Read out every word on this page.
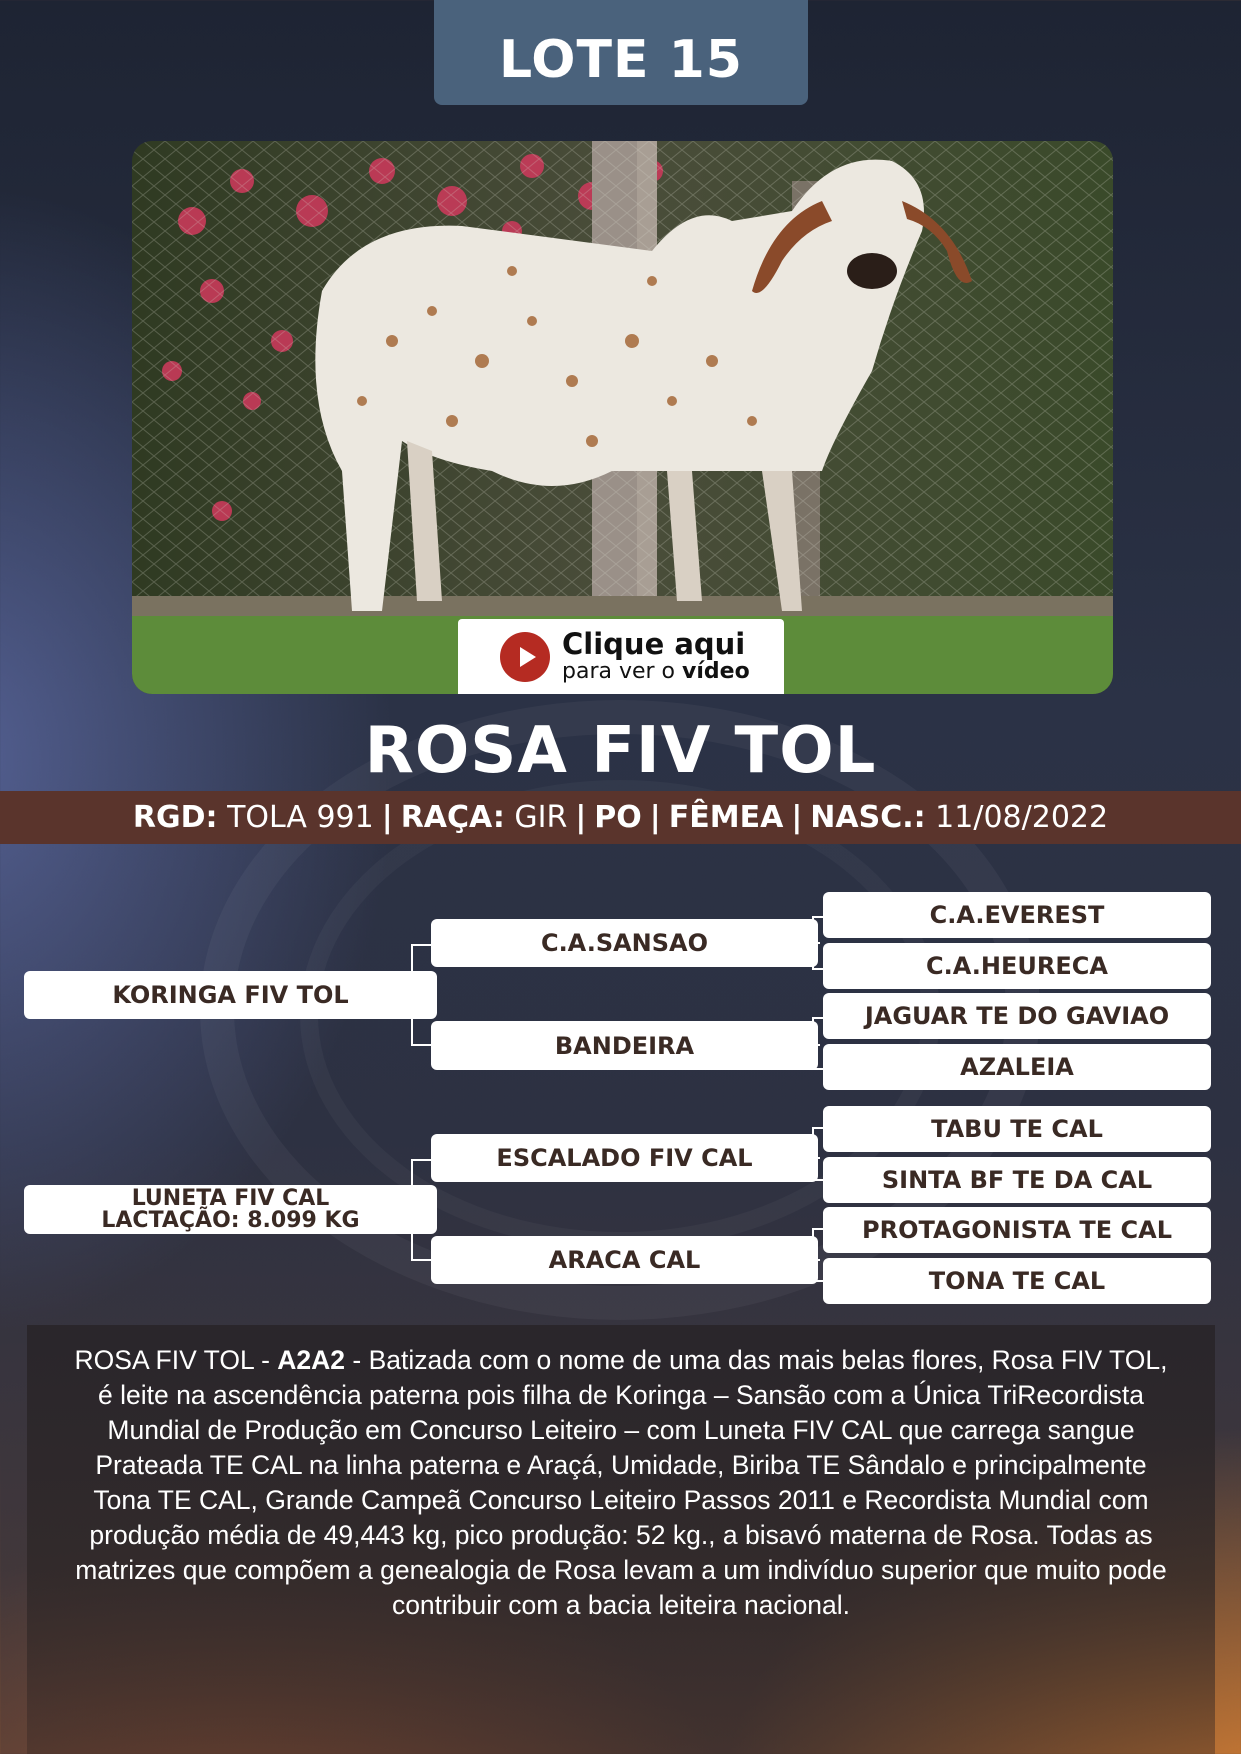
LOTE 15
Clique aqui
para ver o vídeo
ROSA FIV TOL
RGD:
TOLA 991 | RAÇA:
GIR | PO | FÊMEA | NASC.:
11/08/2022
KORINGA FIV TOL
LUNETA FIV CAL
LACTAÇÃO: 8.099 KG
C.A.SANSAO
BANDEIRA
ESCALADO FIV CAL
ARACA CAL
C.A.EVEREST
C.A.HEURECA
JAGUAR TE DO GAVIAO
AZALEIA
TABU TE CAL
SINTA BF TE DA CAL
PROTAGONISTA TE CAL
TONA TE CAL

ROSA FIV TOL - A2A2 - Batizada com o nome de uma das mais belas flores, Rosa FIV TOL, é leite na ascendência paterna pois filha de Koringa – Sansão com a Única TriRecordista Mundial de Produção em Concurso Leiteiro – com Luneta FIV CAL que carrega sangue Prateada TE CAL na linha paterna e Araçá, Umidade, Biriba TE Sândalo e principalmente Tona TE CAL, Grande Campeã Concurso Leiteiro Passos 2011 e Recordista Mundial com produção média de 49,443 kg, pico produção: 52 kg., a bisavó materna de Rosa. Todas as matrizes que compõem a genealogia de Rosa levam a um indivíduo superior que muito pode contribuir com a bacia leiteira nacional.
